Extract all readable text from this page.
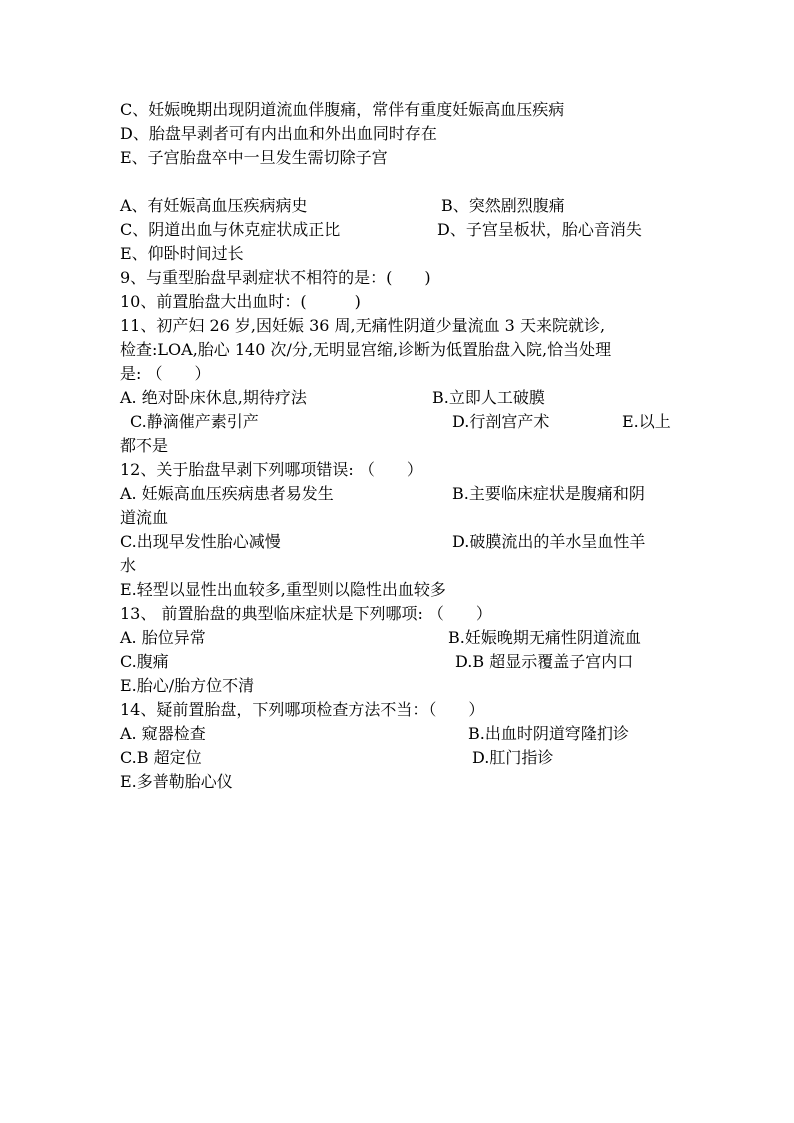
C、妊娠晚期出现阴道流血伴腹痛，常伴有重度妊娠高血压疾病
D、胎盘早剥者可有内出血和外出血同时存在
E、子宫胎盘卒中一旦发生需切除子宫
A、有妊娠高血压疾病病史	B、突然剧烈腹痛
C、阴道出血与休克症状成正比	D、子宫呈板状，胎心音消失
E、仰卧时间过长
9、与重型胎盘早剥症状不相符的是：(　　)
10、前置胎盘大出血时：(　　　)
11、初产妇 26 岁,因妊娠 36 周,无痛性阴道少量流血 3 天来院就诊,
检查:LOA,胎心 140 次/分,无明显宫缩,诊断为低置胎盘入院,恰当处理
是: （　　）
A. 绝对卧床休息,期待疗法	B.立即人工破膜
C.静滴催产素引产	D.行剖宫产术	E.以上
都不是
12、关于胎盘早剥下列哪项错误: （　　）
A. 妊娠高血压疾病患者易发生	B.主要临床症状是腹痛和阴
道流血
C.出现早发性胎心减慢	D.破膜流出的羊水呈血性羊
水
E.轻型以显性出血较多,重型则以隐性出血较多
13、 前置胎盘的典型临床症状是下列哪项: （　　）
A. 胎位异常	B.妊娠晚期无痛性阴道流血
C.腹痛	D.B 超显示覆盖子宫内口
E.胎心/胎方位不清
14、疑前置胎盘，下列哪项检查方法不当：（　　）
A. 窥器检查	B.出血时阴道穹隆扪诊
C.B 超定位	D.肛门指诊
E.多普勒胎心仪
